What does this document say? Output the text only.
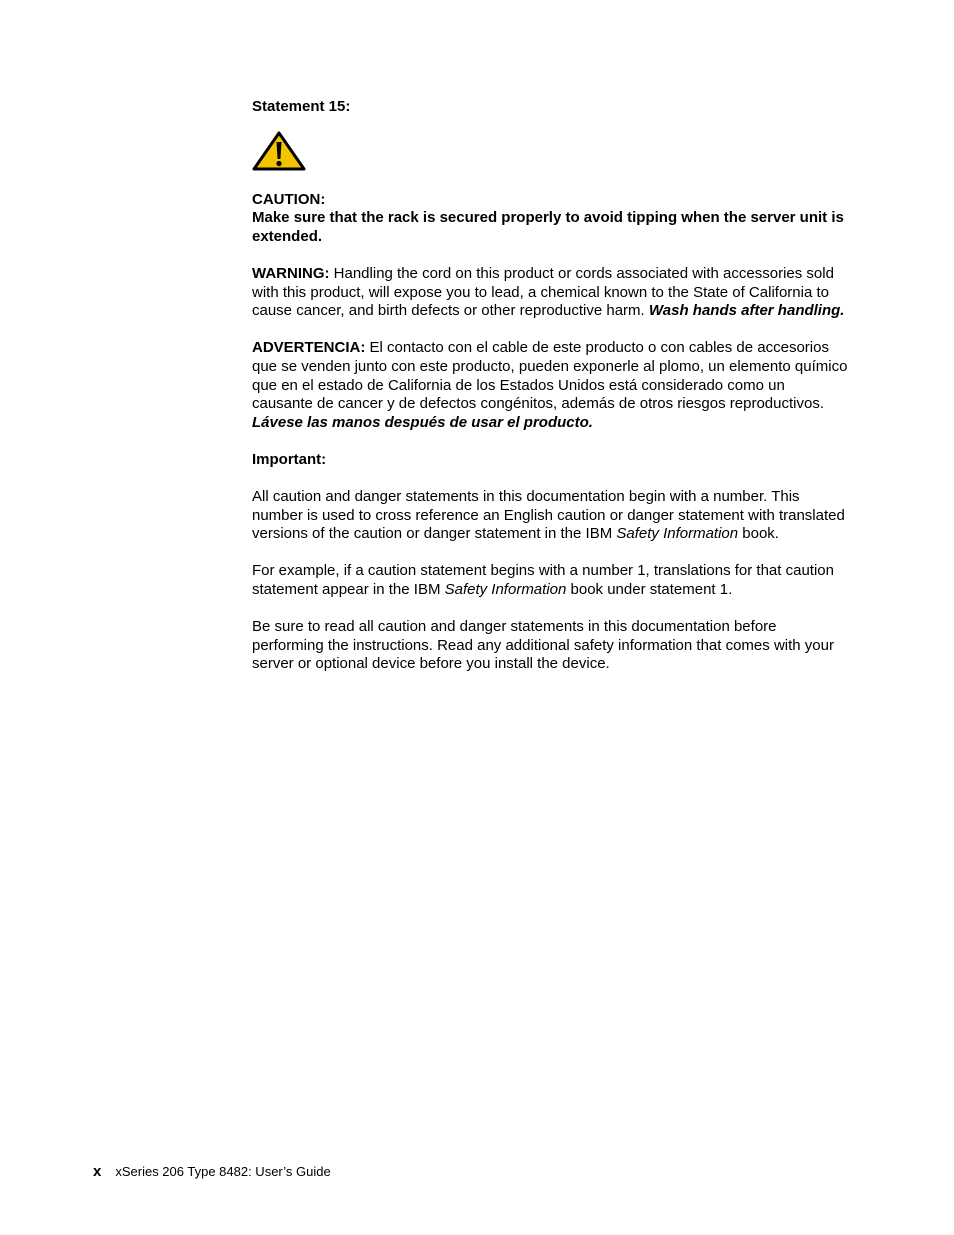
Statement 15:

CAUTION:

Make sure that the rack is secured properly to avoid tipping when the server unit is extended.

WARNING: Handling the cord on this product or cords associated with accessories sold with this product, will expose you to lead, a chemical known to the State of California to cause cancer, and birth defects or other reproductive harm. Wash hands after handling.

ADVERTENCIA: El contacto con el cable de este producto o con cables de accesorios que se venden junto con este producto, pueden exponerle al plomo, un elemento químico que en el estado de California de los Estados Unidos está considerado como un causante de cancer y de defectos congénitos, además de otros riesgos reproductivos. Lávese las manos después de usar el producto.

Important:

All caution and danger statements in this documentation begin with a number. This number is used to cross reference an English caution or danger statement with translated versions of the caution or danger statement in the IBM Safety Information book.

For example, if a caution statement begins with a number 1, translations for that caution statement appear in the IBM Safety Information book under statement 1.

Be sure to read all caution and danger statements in this documentation before performing the instructions. Read any additional safety information that comes with your server or optional device before you install the device.

x xSeries 206 Type 8482: User’s Guide
